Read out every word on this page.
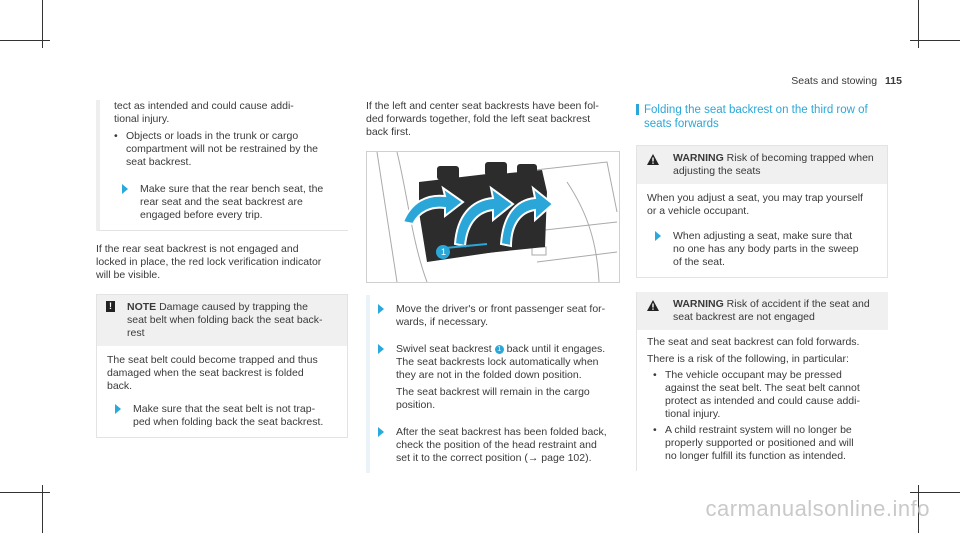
Seats and stowing 115

tect as intended and could cause addi-

tional injury.

• Objects or loads in the trunk or cargo

compartment will not be restrained by the

seat backrest.

Make sure that the rear bench seat, the

rear seat and the seat backrest are

engaged before every trip.

If the rear seat backrest is not engaged and

locked in place, the red lock verification indicator

will be visible.

! NOTE Damage caused by trapping the

seat belt when folding back the seat back-

rest

The seat belt could become trapped and thus

damaged when the seat backrest is folded

back.

Make sure that the seat belt is not trap-

ped when folding back the seat backrest.

If the left and center seat backrests have been fol-

ded forwards together, fold the left seat backrest

back first.

1

Move the driver's or front passenger seat for-

wards, if necessary.

Swivel seat backrest 1 back until it engages.

The seat backrests lock automatically when

they are not in the folded down position.

The seat backrest will remain in the cargo

position.

After the seat backrest has been folded back,

check the position of the head restraint and

set it to the correct position (→ page 102).

Folding the seat backrest on the third row of

seats forwards

WARNING Risk of becoming trapped when

adjusting the seats

When you adjust a seat, you may trap yourself

or a vehicle occupant.

When adjusting a seat, make sure that

no one has any body parts in the sweep

of the seat.

WARNING Risk of accident if the seat and

seat backrest are not engaged

The seat and seat backrest can fold forwards.

There is a risk of the following, in particular:

• The vehicle occupant may be pressed

against the seat belt. The seat belt cannot

protect as intended and could cause addi-

tional injury.

• A child restraint system will no longer be

properly supported or positioned and will

no longer fulfill its function as intended.

carmanualsonline.info
